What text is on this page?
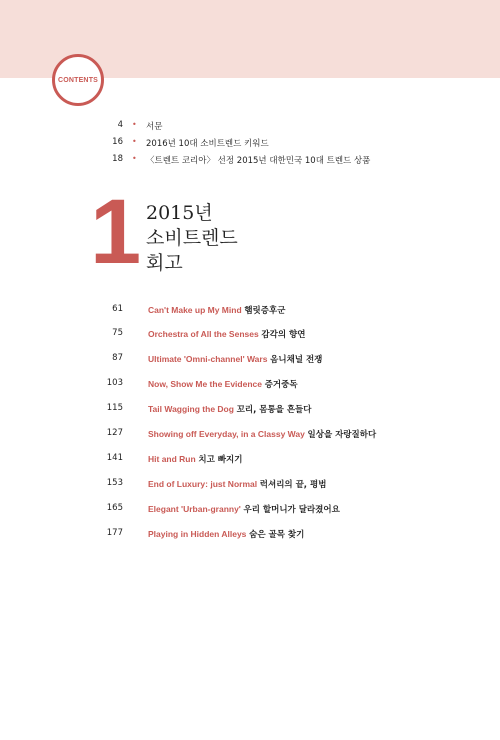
CONTENTS
4 • 서문
16 • 2016년 10대 소비트렌드 키워드
18 • 〈트렌트 코리아〉 선정 2015년 대한민국 10대 트렌드 상품
1 2015년
소비트렌드
회고
61	Can't Make up My Mind 햄릿증후군
75	Orchestra of All the Senses 감각의 향연
87	Ultimate 'Omni-channel' Wars 옴니채널 전쟁
103	Now, Show Me the Evidence 증거중독
115	Tail Wagging the Dog 꼬리, 몸통을 흔들다
127	Showing off Everyday, in a Classy Way 일상을 자랑질하다
141	Hit and Run 치고 빠지기
153	End of Luxury: just Normal 럭셔리의 끝, 평범
165	Elegant 'Urban-granny' 우리 할머니가 달라졌어요
177	Playing in Hidden Alleys 숨은 골목 찾기
